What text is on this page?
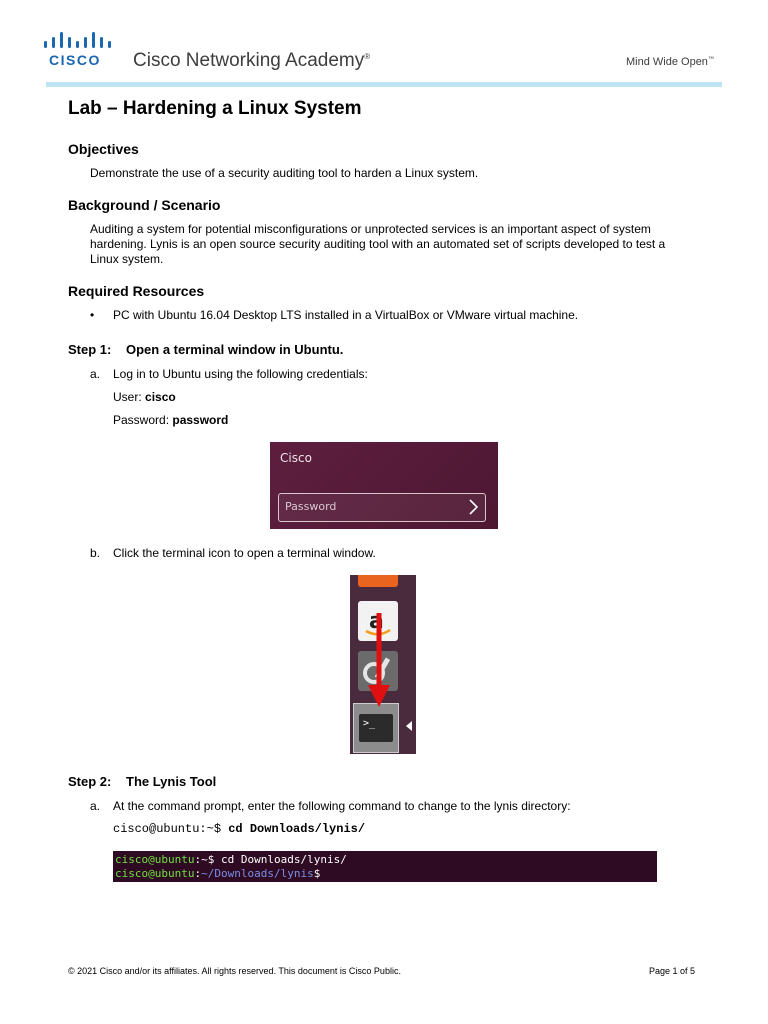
CISCO Cisco Networking Academy®	Mind Wide Open™
Lab – Hardening a Linux System
Objectives
Demonstrate the use of a security auditing tool to harden a Linux system.
Background / Scenario
Auditing a system for potential misconfigurations or unprotected services is an important aspect of system
hardening. Lynis is an open source security auditing tool with an automated set of scripts developed to test a
Linux system.
Required Resources
• PC with Ubuntu 16.04 Desktop LTS installed in a VirtualBox or VMware virtual machine.
Step 1: Open a terminal window in Ubuntu.
a. Log in to Ubuntu using the following credentials:
User: cisco
Password: password
Cisco
Password
b. Click the terminal icon to open a terminal window.
a
>_
Step 2: The Lynis Tool
a. At the command prompt, enter the following command to change to the lynis directory:
cisco@ubuntu:~$ cd Downloads/lynis/
cisco@ubuntu:~$ cd Downloads/lynis/
cisco@ubuntu:~/Downloads/lynis$
© 2021 Cisco and/or its affiliates. All rights reserved. This document is Cisco Public.	Page 1 of 5
